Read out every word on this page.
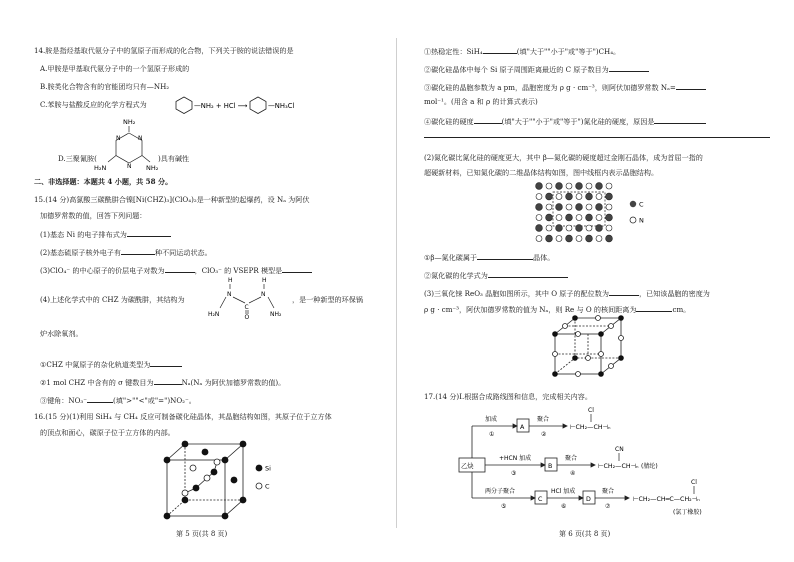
14.胺是指烃基取代氨分子中的氢原子而形成的化合物，下列关于胺的说法错误的是
A.甲胺是甲基取代氨分子中的一个氢原子形成的
B.胺类化合物含有的官能团均只有—NH₂
C.苯胺与盐酸反应的化学方程式为	—NH₂ + HCl ⟶	—NH₃Cl
NH₂
N
N
N
H₂N	NH₂
D.三聚氰胺(	)具有碱性
二、非选择题：本题共 4 小题，共 58 分。
15.(14 分)高氯酸三碳酰肼合镍[Ni(CHZ)₃](ClO₄)₂是一种新型的起爆药，设 Nₐ 为阿伏
加德罗常数的值，回答下列问题：
(1)基态 Ni 的电子排布式为
(2)基态硫原子核外电子有	种不同运动状态。
(3)ClO₄⁻ 的中心原子的价层电子对数为	，ClO₃⁻ 的 VSEPR 模型是
(4)上述化学式中的 CHZ 为碳酰肼，其结构为
H	H
N	N
C
O
H₂N	NH₂
，是一种新型的环保锅
炉水除氧剂。
①CHZ 中氮原子的杂化轨道类型为
②1 mol CHZ 中含有的 σ 键数目为	Nₐ(Nₐ 为阿伏加德罗常数的值)。
③键角：NO₃⁻	(填">""<"或"=")NO₂⁻。
16.(15 分)(1)利用 SiH₄ 与 CH₄ 反应可制备碳化硅晶体，其晶胞结构如图，其原子位于立方体
的顶点和面心，碳原子位于立方体的内部。
Si
C
第 5 页(共 8 页)
①热稳定性：SiH₄	(填"大于""小于"或"等于")CH₄。
②碳化硅晶体中每个 Si 原子周围距离最近的 C 原子数目为
③碳化硅的晶胞参数为 a pm，晶胞密度为 ρ g · cm⁻³，则阿伏加德罗常数 Nₐ=
mol⁻¹。(用含 a 和 ρ 的计算式表示)
④碳化硅的硬度	(填"大于""小于"或"等于")氮化硅的硬度，原因是
(2)氮化碳比氮化硅的硬度更大，其中 β—氮化碳的硬度超过金刚石晶体，成为首屈一指的
超硬新材料，已知氮化碳的二维晶体结构如图，图中线框内表示晶胞结构。
C
N
①β—氮化碳属于	晶体。
②氮化碳的化学式为
(3)三氧化铼 ReO₃ 晶胞如图所示，其中 O 原子的配位数为	，已知该晶胞的密度为
ρ g · cm⁻³，阿伏加德罗常数的值为 Nₐ，则 Re 与 O 的核间距离为	cm。
17.(14 分)Ⅰ.根据合成路线图和信息，完成相关内容。
乙炔
加成
①
A
聚合
②
⊢CH₂—CH⊣ₙ
Cl
+HCN 加成
③
B
聚合
④
⊢CH₂—CH⊣ₙ
CN
(腈纶)
两分子聚合
⑤
C
HCl 加成
⑥
D
聚合
⑦
⊢CH₂—CH═C—CH₂⊣ₙ
Cl
(氯丁橡胶)
第 6 页(共 8 页)
